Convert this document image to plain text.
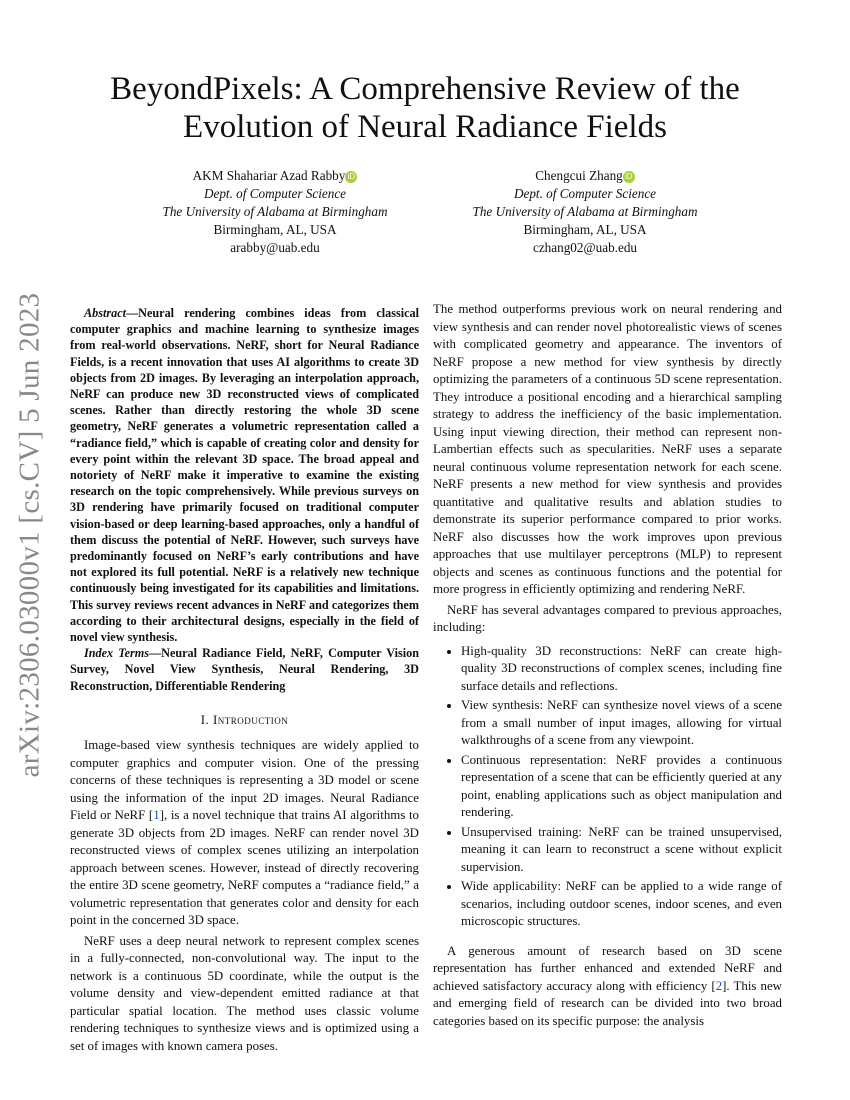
BeyondPixels: A Comprehensive Review of the
Evolution of Neural Radiance Fields
AKM Shahariar Azad Rabby iD
Dept. of Computer Science
The University of Alabama at Birmingham
Birmingham, AL, USA
arabby@uab.edu
Chengcui Zhang iD
Dept. of Computer Science
The University of Alabama at Birmingham
Birmingham, AL, USA
czhang02@uab.edu
arXiv:2306.03000v1 [cs.CV] 5 Jun 2023	Abstract—Neural rendering combines ideas from classical computer graphics and machine learning to synthesize images from real-world observations. NeRF, short for Neural Radiance Fields, is a recent innovation that uses AI algorithms to create 3D objects from 2D images. By leveraging an interpolation approach, NeRF can produce new 3D reconstructed views of complicated scenes. Rather than directly restoring the whole 3D scene geometry, NeRF generates a volumetric representation called a “radiance field,” which is capable of creating color and density for every point within the relevant 3D space. The broad appeal and notoriety of NeRF make it imperative to examine the existing research on the topic comprehensively. While previous surveys on 3D rendering have primarily focused on traditional computer vision-based or deep learning-based approaches, only a handful of them discuss the potential of NeRF. However, such surveys have predominantly focused on NeRF’s early contributions and have not explored its full potential. NeRF is a relatively new technique continuously being investigated for its capabilities and limitations. This survey reviews recent advances in NeRF and categorizes them according to their architectural designs, especially in the field of novel view synthesis.

Index Terms—Neural Radiance Field, NeRF, Computer Vision Survey, Novel View Synthesis, Neural Rendering, 3D Reconstruction, Differentiable Rendering

I. Introduction

Image-based view synthesis techniques are widely applied to computer graphics and computer vision. One of the pressing concerns of these techniques is representing a 3D model or scene using the information of the input 2D images. Neural Radiance Field or NeRF [1], is a novel technique that trains AI algorithms to generate 3D objects from 2D images. NeRF can render novel 3D reconstructed views of complex scenes utilizing an interpolation approach between scenes. However, instead of directly recovering the entire 3D scene geometry, NeRF computes a “radiance field,” a volumetric representation that generates color and density for each point in the concerned 3D space.

NeRF uses a deep neural network to represent complex scenes in a fully-connected, non-convolutional way. The input to the network is a continuous 5D coordinate, while the output is the volume density and view-dependent emitted radiance at that particular spatial location. The method uses classic volume rendering techniques to synthesize views and is optimized using a set of images with known camera poses.

The method outperforms previous work on neural rendering and view synthesis and can render novel photorealistic views of scenes with complicated geometry and appearance. The inventors of NeRF propose a new method for view synthesis by directly optimizing the parameters of a continuous 5D scene representation. They introduce a positional encoding and a hierarchical sampling strategy to address the inefficiency of the basic implementation. Using input viewing direction, their method can represent non-Lambertian effects such as specularities. NeRF uses a separate neural continuous volume representation network for each scene. NeRF presents a new method for view synthesis and provides quantitative and qualitative results and ablation studies to demonstrate its superior performance compared to prior works. NeRF also discusses how the work improves upon previous approaches that use multilayer perceptrons (MLP) to represent objects and scenes as continuous functions and the potential for more progress in efficiently optimizing and rendering NeRF.

NeRF has several advantages compared to previous approaches, including:

• High-quality 3D reconstructions: NeRF can create high-quality 3D reconstructions of complex scenes, including fine surface details and reflections.
• View synthesis: NeRF can synthesize novel views of a scene from a small number of input images, allowing for virtual walkthroughs of a scene from any viewpoint.
• Continuous representation: NeRF provides a continuous representation of a scene that can be efficiently queried at any point, enabling applications such as object manipulation and rendering.
• Unsupervised training: NeRF can be trained unsupervised, meaning it can learn to reconstruct a scene without explicit supervision.
• Wide applicability: NeRF can be applied to a wide range of scenarios, including outdoor scenes, indoor scenes, and even microscopic structures.

A generous amount of research based on 3D scene representation has further enhanced and extended NeRF and achieved satisfactory accuracy along with efficiency [2]. This new and emerging field of research can be divided into two broad categories based on its specific purpose: the analysis
